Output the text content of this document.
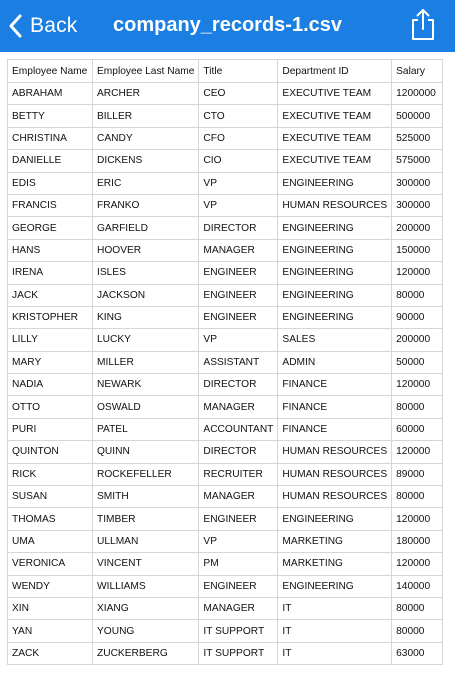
Back	company_records-1.csv
Employee Name	Employee Last Name	Title	Department ID	Salary
ABRAHAM	ARCHER	CEO	EXECUTIVE TEAM	1200000
BETTY	BILLER	CTO	EXECUTIVE TEAM	500000
CHRISTINA	CANDY	CFO	EXECUTIVE TEAM	525000
DANIELLE	DICKENS	CIO	EXECUTIVE TEAM	575000
EDIS	ERIC	VP	ENGINEERING	300000
FRANCIS	FRANKO	VP	HUMAN RESOURCES	300000
GEORGE	GARFIELD	DIRECTOR	ENGINEERING	200000
HANS	HOOVER	MANAGER	ENGINEERING	150000
IRENA	ISLES	ENGINEER	ENGINEERING	120000
JACK	JACKSON	ENGINEER	ENGINEERING	80000
KRISTOPHER	KING	ENGINEER	ENGINEERING	90000
LILLY	LUCKY	VP	SALES	200000
MARY	MILLER	ASSISTANT	ADMIN	50000
NADIA	NEWARK	DIRECTOR	FINANCE	120000
OTTO	OSWALD	MANAGER	FINANCE	80000
PURI	PATEL	ACCOUNTANT	FINANCE	60000
QUINTON	QUINN	DIRECTOR	HUMAN RESOURCES	120000
RICK	ROCKEFELLER	RECRUITER	HUMAN RESOURCES	89000
SUSAN	SMITH	MANAGER	HUMAN RESOURCES	80000
THOMAS	TIMBER	ENGINEER	ENGINEERING	120000
UMA	ULLMAN	VP	MARKETING	180000
VERONICA	VINCENT	PM	MARKETING	120000
WENDY	WILLIAMS	ENGINEER	ENGINEERING	140000
XIN	XIANG	MANAGER	IT	80000
YAN	YOUNG	IT SUPPORT	IT	80000
ZACK	ZUCKERBERG	IT SUPPORT	IT	63000
